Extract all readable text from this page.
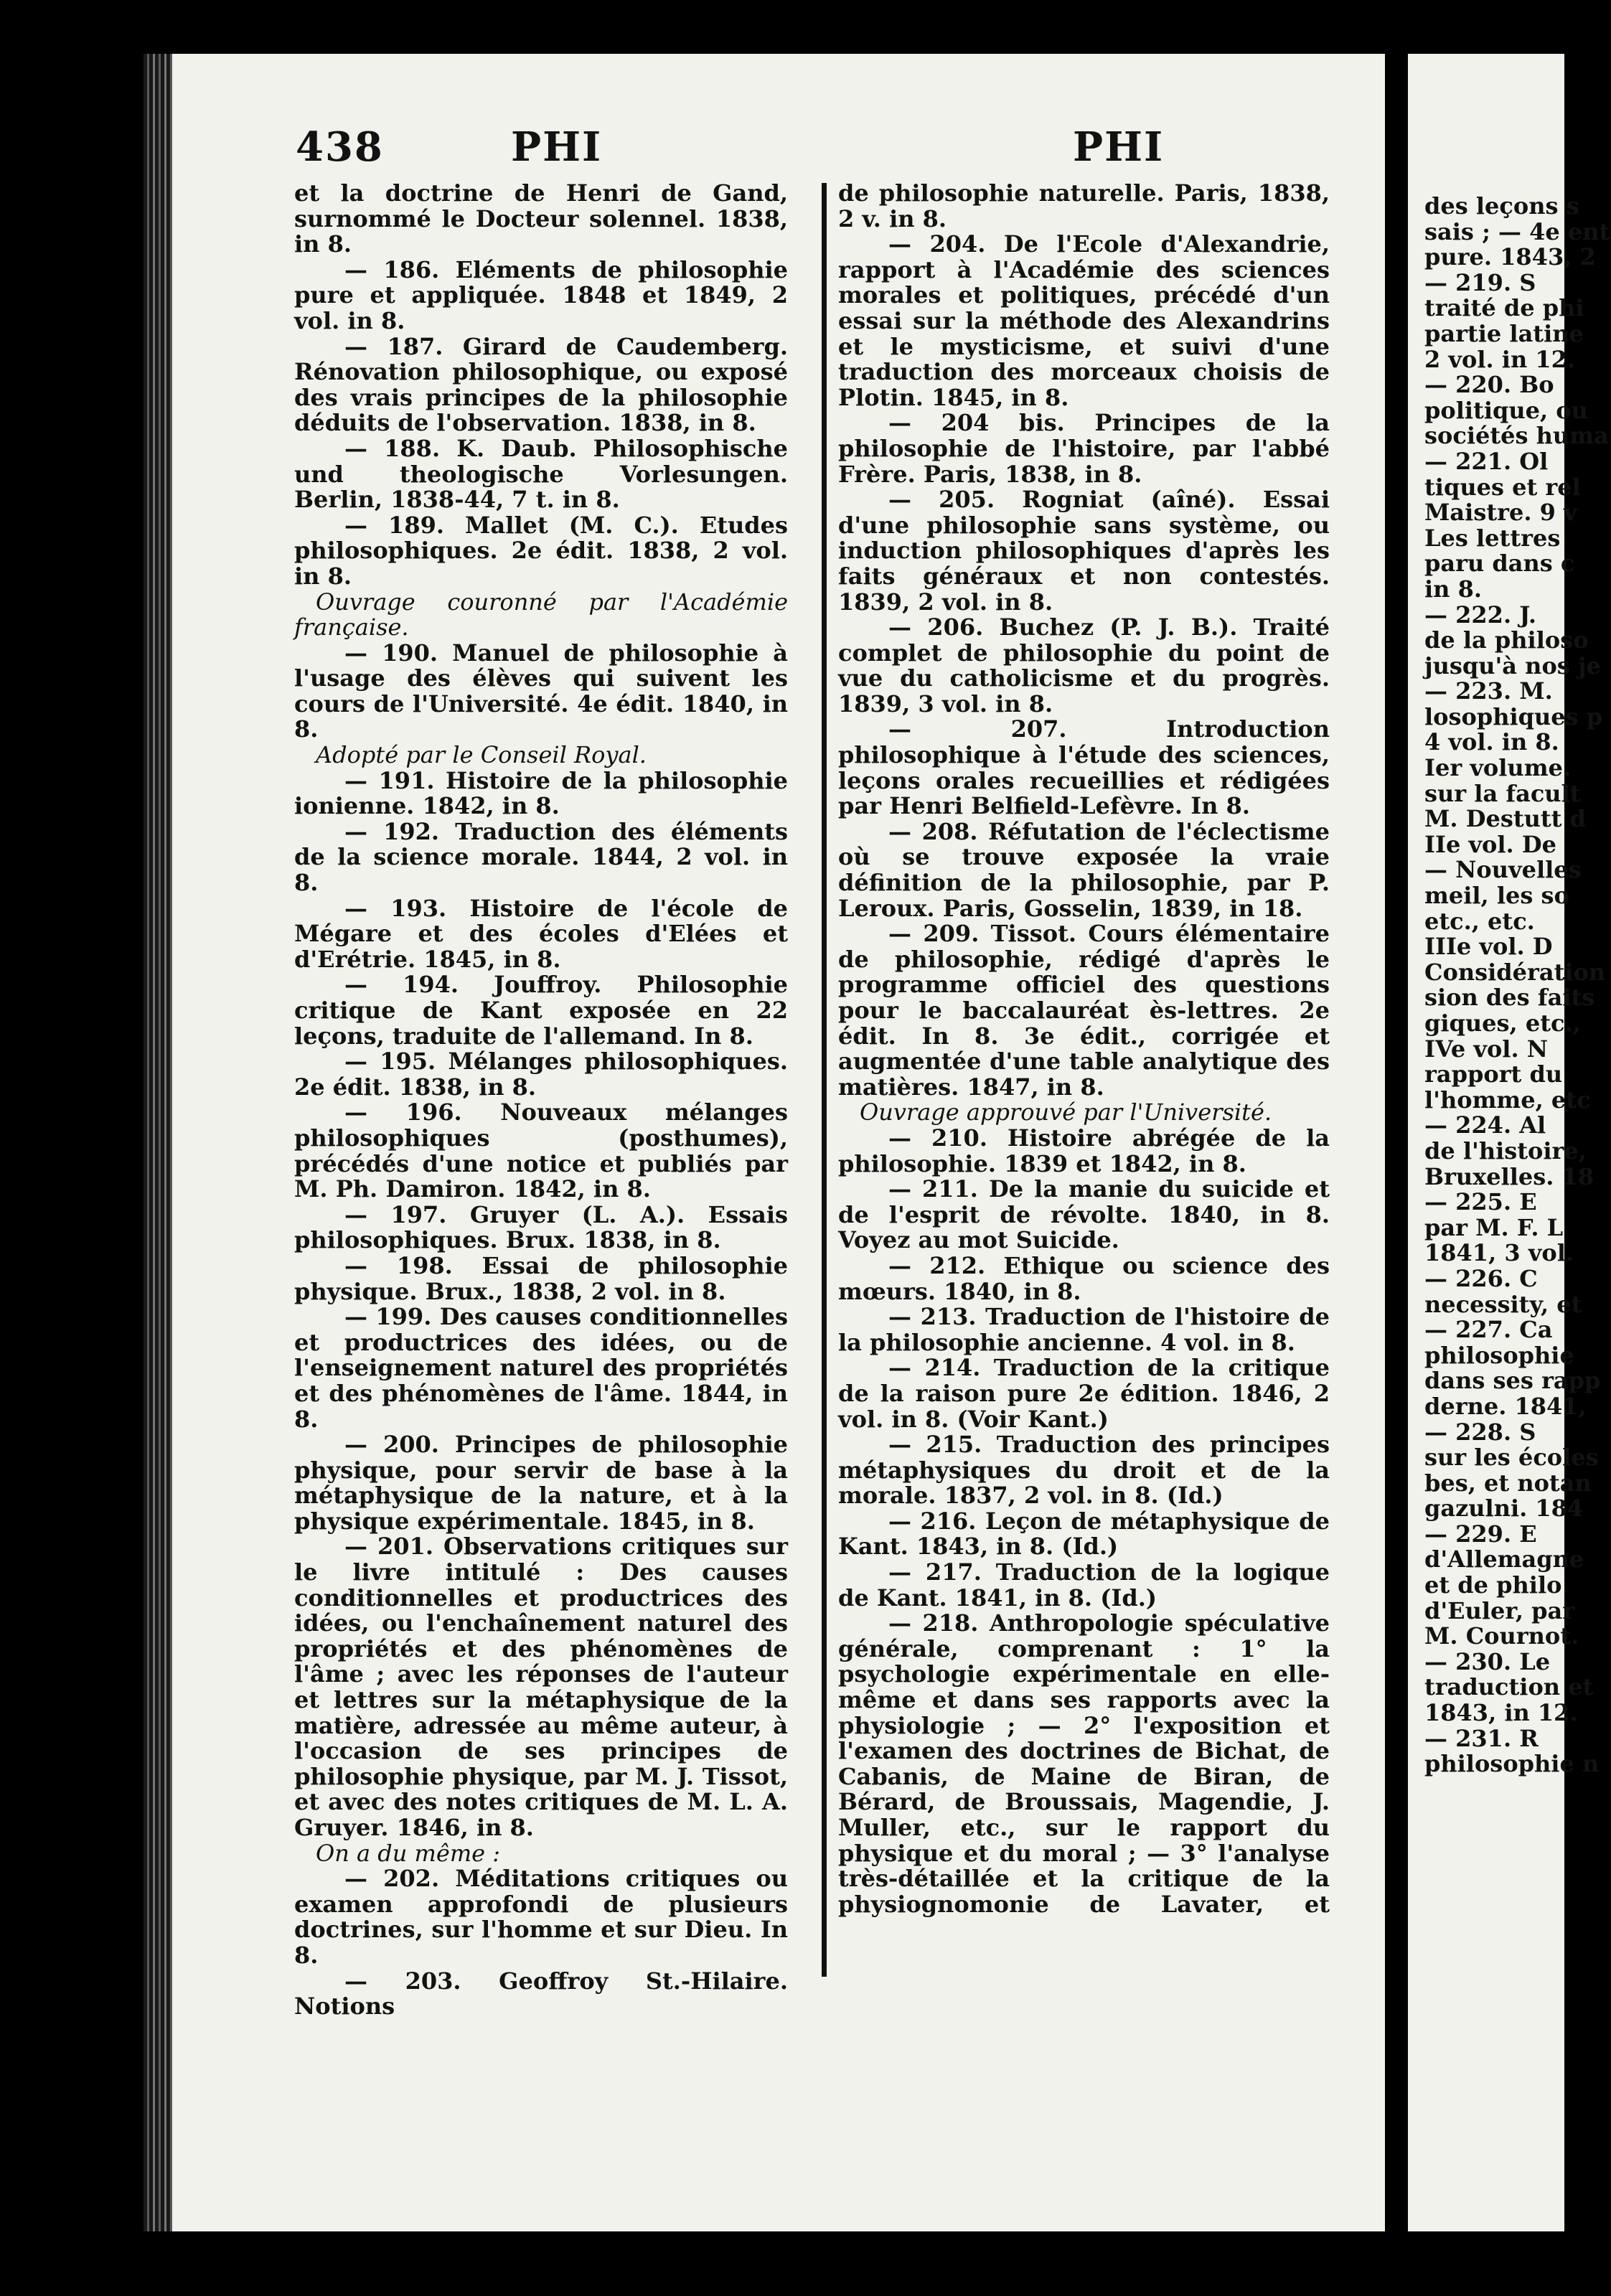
438	PHI	PHI

et la doctrine de Henri de Gand, surnommé le Docteur solennel. 1838, in 8.

— 186. Eléments de philosophie pure et appliquée. 1848 et 1849, 2 vol. in 8.

— 187. Girard de Caudemberg. Rénovation philosophique, ou exposé des vrais principes de la philosophie déduits de l'observation. 1838, in 8.

— 188. K. Daub. Philosophische und theologische Vorlesungen. Berlin, 1838-44, 7 t. in 8.

— 189. Mallet (M. C.). Etudes philosophiques. 2e édit. 1838, 2 vol. in 8.

Ouvrage couronné par l'Académie française.

— 190. Manuel de philosophie à l'usage des élèves qui suivent les cours de l'Université. 4e édit. 1840, in 8.

Adopté par le Conseil Royal.

— 191. Histoire de la philosophie ionienne. 1842, in 8.

— 192. Traduction des éléments de la science morale. 1844, 2 vol. in 8.

— 193. Histoire de l'école de Mégare et des écoles d'Elées et d'Erétrie. 1845, in 8.

— 194. Jouffroy. Philosophie critique de Kant exposée en 22 leçons, traduite de l'allemand. In 8.

— 195. Mélanges philosophiques. 2e édit. 1838, in 8.

— 196. Nouveaux mélanges philosophiques (posthumes), précédés d'une notice et publiés par M. Ph. Damiron. 1842, in 8.

— 197. Gruyer (L. A.). Essais philosophiques. Brux. 1838, in 8.

— 198. Essai de philosophie physique. Brux., 1838, 2 vol. in 8.

— 199. Des causes conditionnelles et productrices des idées, ou de l'enseignement naturel des propriétés et des phénomènes de l'âme. 1844, in 8.

— 200. Principes de philosophie physique, pour servir de base à la métaphysique de la nature, et à la physique expérimentale. 1845, in 8.

— 201. Observations critiques sur le livre intitulé : Des causes conditionnelles et productrices des idées, ou l'enchaînement naturel des propriétés et des phénomènes de l'âme ; avec les réponses de l'auteur et lettres sur la métaphysique de la matière, adressée au même auteur, à l'occasion de ses principes de philosophie physique, par M. J. Tissot, et avec des notes critiques de M. L. A. Gruyer. 1846, in 8.

On a du même :

— 202. Méditations critiques ou examen approfondi de plusieurs doctrines, sur l'homme et sur Dieu. In 8.

— 203. Geoffroy St.-Hilaire. Notions

de philosophie naturelle. Paris, 1838, 2 v. in 8.

— 204. De l'Ecole d'Alexandrie, rapport à l'Académie des sciences morales et politiques, précédé d'un essai sur la méthode des Alexandrins et le mysticisme, et suivi d'une traduction des morceaux choisis de Plotin. 1845, in 8.

— 204 bis. Principes de la philosophie de l'histoire, par l'abbé Frère. Paris, 1838, in 8.

— 205. Rogniat (aîné). Essai d'une philosophie sans système, ou induction philosophiques d'après les faits généraux et non contestés. 1839, 2 vol. in 8.

— 206. Buchez (P. J. B.). Traité complet de philosophie du point de vue du catholicisme et du progrès. 1839, 3 vol. in 8.

— 207. Introduction philosophique à l'étude des sciences, leçons orales recueillies et rédigées par Henri Belfield-Lefèvre. In 8.

— 208. Réfutation de l'éclectisme où se trouve exposée la vraie définition de la philosophie, par P. Leroux. Paris, Gosselin, 1839, in 18.

— 209. Tissot. Cours élémentaire de philosophie, rédigé d'après le programme officiel des questions pour le baccalauréat ès-lettres. 2e édit. In 8. 3e édit., corrigée et augmentée d'une table analytique des matières. 1847, in 8.

Ouvrage approuvé par l'Université.

— 210. Histoire abrégée de la philosophie. 1839 et 1842, in 8.

— 211. De la manie du suicide et de l'esprit de révolte. 1840, in 8. Voyez au mot Suicide.

— 212. Ethique ou science des mœurs. 1840, in 8.

— 213. Traduction de l'histoire de la philosophie ancienne. 4 vol. in 8.

— 214. Traduction de la critique de la raison pure 2e édition. 1846, 2 vol. in 8. (Voir Kant.)

— 215. Traduction des principes métaphysiques du droit et de la morale. 1837, 2 vol. in 8. (Id.)

— 216. Leçon de métaphysique de Kant. 1843, in 8. (Id.)

— 217. Traduction de la logique de Kant. 1841, in 8. (Id.)

— 218. Anthropologie spéculative générale, comprenant : 1° la psychologie expérimentale en elle-même et dans ses rapports avec la physiologie ; — 2° l'exposition et l'examen des doctrines de Bichat, de Cabanis, de Maine de Biran, de Bérard, de Broussais, Magendie, J. Muller, etc., sur le rapport du physique et du moral ; — 3° l'analyse très-détaillée et la critique de la physiognomonie de Lavater, et

des leçons s

sais ; — 4e ent

pure. 1843, 2

— 219. S

traité de phi

partie latine

2 vol. in 12.

— 220. Bo

politique, ou

sociétés huma

— 221. Ol

tiques et rel

Maistre. 9 v

Les lettres

paru dans c

in 8.

— 222. J.

de la philoso

jusqu'à nos je

— 223. M.

losophiques p

4 vol. in 8.

Ier volume.

sur la facult

M. Destutt d

IIe vol. De

— Nouvelles

meil, les so

etc., etc.

IIIe vol. D

Considération

sion des faits

giques, etc.,

IVe vol. N

rapport du

l'homme, etc

— 224. Al

de l'histoire,

Bruxelles. 18

— 225. E

par M. F. L

1841, 3 vol.

— 226. C

necessity, et

— 227. Ca

philosophie

dans ses rapp

derne. 1841,

— 228. S

sur les écoles

bes, et notan

gazulni. 184

— 229. E

d'Allemagne

et de philo

d'Euler, par

M. Cournot.

— 230. Le

traduction et

1843, in 12.

— 231. R

philosophie n
